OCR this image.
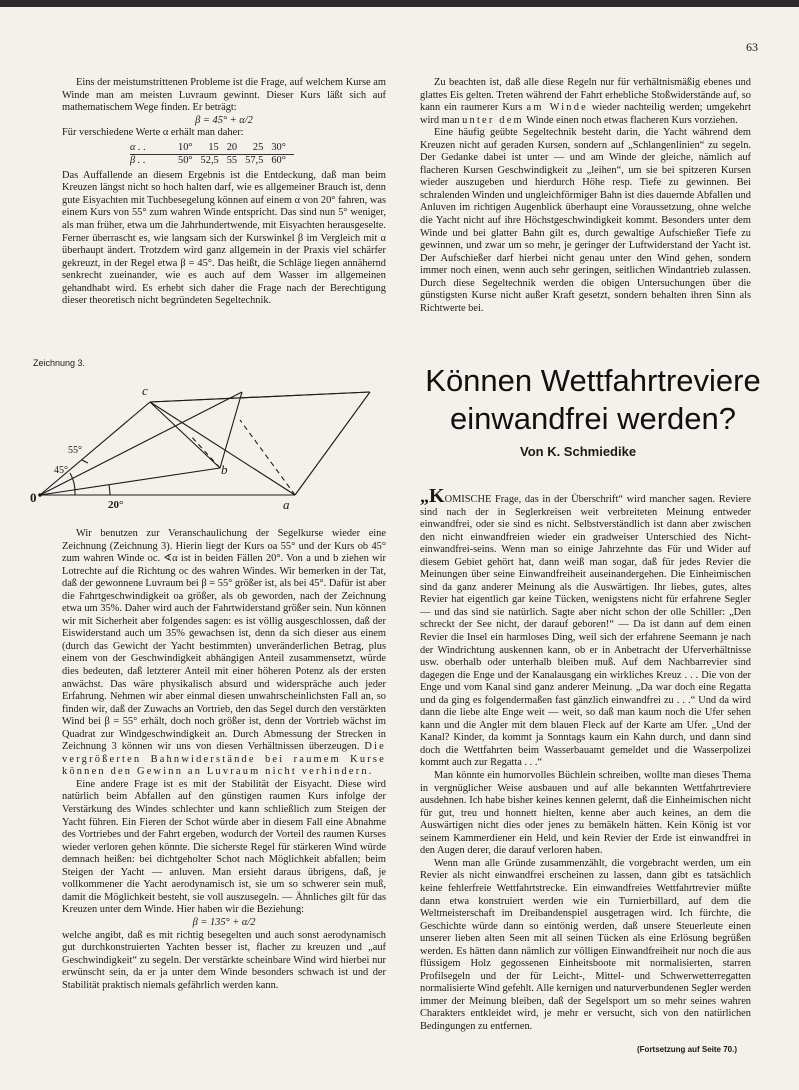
63

Eins der meistumstrittenen Probleme ist die Frage, auf welchem Kurse am Winde man am meisten Luvraum gewinnt. Dieser Kurs läßt sich auf mathematischem Wege finden. Er beträgt:

β = 45° + α/2

Für verschiedene Werte α erhält man daher:

α . .	10°	15	20	25	30°
β . .	50°	52,5	55	57,5	60°

Das Auffallende an diesem Ergebnis ist die Entdeckung, daß man beim Kreuzen längst nicht so hoch halten darf, wie es allgemeiner Brauch ist, denn gute Eisyachten mit Tuchbesegelung können auf einem α von 20° fahren, was einem Kurs von 55° zum wahren Winde entspricht. Das sind nun 5° weniger, als man früher, etwa um die Jahrhundertwende, mit Eisyachten herausgeselte. Ferner überrascht es, wie langsam sich der Kurswinkel β im Vergleich mit α überhaupt ändert. Trotzdem wird ganz allgemein in der Praxis viel schärfer gekreuzt, in der Regel etwa β = 45°. Das heißt, die Schläge liegen annähernd senkrecht zueinander, wie es auch auf dem Wasser im allgemeinen gehandhabt wird. Es erhebt sich daher die Frage nach der Berechtigung dieser theoretisch nicht begründeten Segeltechnik.

Zeichnung 3.
c
b
a
0
55°
45°
20°

Wir benutzen zur Veranschaulichung der Segelkurse wieder eine Zeichnung (Zeichnung 3). Hierin liegt der Kurs oa 55° und der Kurs ob 45° zum wahren Winde oc. ∢α ist in beiden Fällen 20°. Von a und b ziehen wir Lotrechte auf die Richtung oc des wahren Windes. Wir bemerken in der Tat, daß der gewonnene Luvraum bei β = 55° größer ist, als bei 45°. Dafür ist aber die Fahrtgeschwindigkeit oa größer, als ob geworden, nach der Zeichnung etwa um 35%. Daher wird auch der Fahrtwiderstand größer sein. Nun können wir mit Sicherheit aber folgendes sagen: es ist völlig ausgeschlossen, daß der Eiswiderstand auch um 35% gewachsen ist, denn da sich dieser aus einem (durch das Gewicht der Yacht bestimmten) unveränderlichen Betrag, plus einem von der Geschwindigkeit abhängigen Anteil zusammensetzt, würde dies bedeuten, daß letzterer Anteil mit einer höheren Potenz als der ersten anwächst. Das wäre physikalisch absurd und widerspräche auch jeder Erfahrung. Nehmen wir aber einmal diesen unwahrscheinlichsten Fall an, so finden wir, daß der Zuwachs an Vortrieb, den das Segel durch den verstärkten Wind bei β = 55° erhält, doch noch größer ist, denn der Vortrieb wächst im Quadrat zur Windgeschwindigkeit an. Durch Abmessung der Strecken in Zeichnung 3 können wir uns von diesen Verhältnissen überzeugen. Die vergrößerten Bahnwiderstände bei raumem Kurse können den Gewinn an Luvraum nicht verhindern.

Eine andere Frage ist es mit der Stabilität der Eisyacht. Diese wird natürlich beim Abfallen auf den günstigen raumen Kurs infolge der Verstärkung des Windes schlechter und kann schließlich zum Steigen der Yacht führen. Ein Fieren der Schot würde aber in diesem Fall eine Abnahme des Vortriebes und der Fahrt ergeben, wodurch der Vorteil des raumen Kurses wieder verloren gehen könnte. Die sicherste Regel für stärkeren Wind würde demnach heißen: bei dichtgeholter Schot nach Möglichkeit abfallen; beim Steigen der Yacht — anluven. Man ersieht daraus übrigens, daß, je vollkommener die Yacht aerodynamisch ist, sie um so schwerer sein muß, damit die Möglichkeit besteht, sie voll auszusegeln. — Ähnliches gilt für das Kreuzen unter dem Winde. Hier haben wir die Beziehung:

β = 135° + α/2

welche angibt, daß es mit richtig besegelten und auch sonst aerodynamisch gut durchkonstruierten Yachten besser ist, flacher zu kreuzen und „auf Geschwindigkeit“ zu segeln. Der verstärkte scheinbare Wind wird hierbei nur erwünscht sein, da er ja unter dem Winde besonders schwach ist und der Stabilität praktisch niemals gefährlich werden kann.

Zu beachten ist, daß alle diese Regeln nur für verhältnismäßig ebenes und glattes Eis gelten. Treten während der Fahrt erhebliche Stoßwiderstände auf, so kann ein raumerer Kurs am Winde wieder nachteilig werden; umgekehrt wird man unter dem Winde einen noch etwas flacheren Kurs vorziehen.

Eine häufig geübte Segeltechnik besteht darin, die Yacht während dem Kreuzen nicht auf geraden Kursen, sondern auf „Schlangenlinien“ zu segeln. Der Gedanke dabei ist unter — und am Winde der gleiche, nämlich auf flacheren Kursen Geschwindigkeit zu „leihen“, um sie bei spitzeren Kursen wieder auszugeben und hierdurch Höhe resp. Tiefe zu gewinnen. Bei schralenden Winden und ungleichförmiger Bahn ist dies dauernde Abfallen und Anluven im richtigen Augenblick überhaupt eine Voraussetzung, ohne welche die Yacht nicht auf ihre Höchstgeschwindigkeit kommt. Besonders unter dem Winde und bei glatter Bahn gilt es, durch gewaltige Aufschießer Tiefe zu gewinnen, und zwar um so mehr, je geringer der Luftwiderstand der Yacht ist. Der Aufschießer darf hierbei nicht genau unter den Wind gehen, sondern immer noch einen, wenn auch sehr geringen, seitlichen Windantrieb zulassen. Durch diese Segeltechnik werden die obigen Untersuchungen über die günstigsten Kurse nicht außer Kraft gesetzt, sondern behalten ihren Sinn als Richtwerte bei.

Können Wettfahrtreviere
einwandfrei werden?
Von K. Schmiedike

„KOMISCHE Frage, das in der Überschrift“ wird mancher sagen. Reviere sind nach der in Seglerkreisen weit verbreiteten Meinung entweder einwandfrei, oder sie sind es nicht. Selbstverständlich ist dann aber zwischen den nicht einwandfreien wieder ein gradweiser Unterschied des Nicht-einwandfrei-seins. Wenn man so einige Jahrzehnte das Für und Wider auf diesem Gebiet gehört hat, dann weiß man sogar, daß für jedes Revier die Meinungen über seine Einwandfreiheit auseinandergehen. Die Einheimischen sind da ganz anderer Meinung als die Auswärtigen. Ihr liebes, gutes, altes Revier hat eigentlich gar keine Tücken, wenigstens nicht für erfahrene Segler — und das sind sie natürlich. Sagte aber nicht schon der olle Schiller: „Den schreckt der See nicht, der darauf geboren!“ — Da ist dann auf dem einen Revier die Insel ein harmloses Ding, weil sich der erfahrene Seemann je nach der Windrichtung auskennen kann, ob er in Anbetracht der Uferverhältnisse usw. oberhalb oder unterhalb bleiben muß. Auf dem Nachbarrevier sind dagegen die Enge und der Kanalausgang ein wirkliches Kreuz . . . Die von der Enge und vom Kanal sind ganz anderer Meinung. „Da war doch eine Regatta und da ging es folgendermaßen fast gänzlich einwandfrei zu . . .“ Und da wird dann die liebe alte Enge weit — weit, so daß man kaum noch die Ufer sehen kann und die Angler mit dem blauen Fleck auf der Karte am Ufer. „Und der Kanal? Kinder, da kommt ja Sonntags kaum ein Kahn durch, und dann sind doch die Wettfahrten beim Wasserbauamt gemeldet und die Wasserpolizei kommt auch zur Regatta . . .“

Man könnte ein humorvolles Büchlein schreiben, wollte man dieses Thema in vergnüglicher Weise ausbauen und auf alle bekannten Wettfahrtreviere ausdehnen. Ich habe bisher keines kennen gelernt, daß die Einheimischen nicht für gut, treu und honnett hielten, kenne aber auch keines, an dem die Auswärtigen nicht dies oder jenes zu bemäkeln hätten. Kein König ist vor seinem Kammerdiener ein Held, und kein Revier der Erde ist einwandfrei in den Augen derer, die darauf verloren haben.

Wenn man alle Gründe zusammenzählt, die vorgebracht werden, um ein Revier als nicht einwandfrei erscheinen zu lassen, dann gibt es tatsächlich keine fehlerfreie Wettfahrtstrecke. Ein einwandfreies Wettfahrtrevier müßte dann etwa konstruiert werden wie ein Turnierbillard, auf dem die Weltmeisterschaft im Dreibandenspiel ausgetragen wird. Ich fürchte, die Geschichte würde dann so eintönig werden, daß unsere Steuerleute einen unserer lieben alten Seen mit all seinen Tücken als eine Erlösung begrüßen werden. Es hätten dann nämlich zur völligen Einwandfreiheit nur noch die aus flüssigem Holz gegossenen Einheitsboote mit normalisierten, starren Profilsegeln und der für Leicht-, Mittel- und Schwerwetterregatten normalisierte Wind gefehlt. Alle kernigen und naturverbundenen Segler werden immer der Meinung bleiben, daß der Segelsport um so mehr seines wahren Charakters entkleidet wird, je mehr er versucht, sich von den natürlichen Bedingungen zu entfernen.

(Fortsetzung auf Seite 70.)
